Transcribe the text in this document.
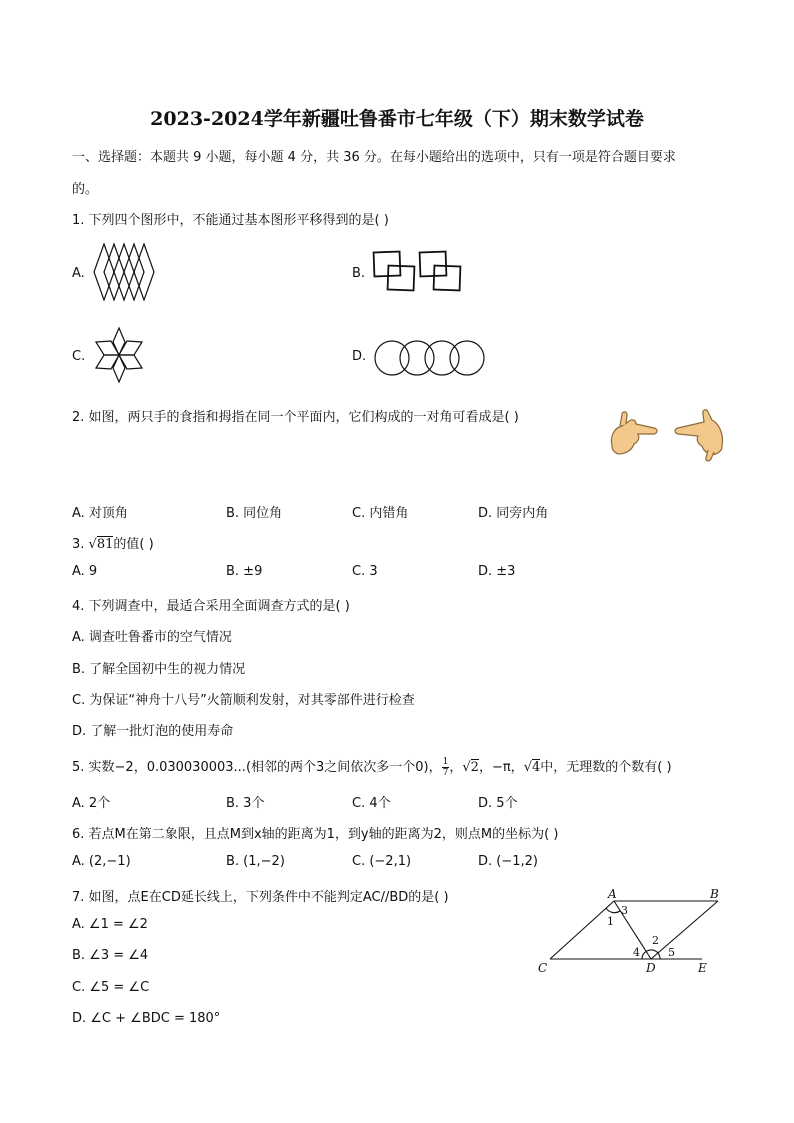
2023-2024学年新疆吐鲁番市七年级（下）期末数学试卷
一、选择题：本题共 9 小题，每小题 4 分，共 36 分。在每小题给出的选项中，只有一项是符合题目要求
的。
1. 下列四个图形中，不能通过基本图形平移得到的是( )
A.	B.
C.	D.
2. 如图，两只手的食指和拇指在同一个平面内，它们构成的一对角可看成是( )
A. 对顶角	B. 同位角	C. 内错角	D. 同旁内角
3. √81的值( )
A. 9	B. ±9	C. 3	D. ±3
4. 下列调查中，最适合采用全面调查方式的是( )
A. 调查吐鲁番市的空气情况
B. 了解全国初中生的视力情况
C. 为保证“神舟十八号”火箭顺利发射，对其零部件进行检查
D. 了解一批灯泡的使用寿命
5. 实数−2，0.030030003...(相邻的两个3之间依次多一个0)， $\frac{1}{7}$ ，√2，−π，√4中，无理数的个数有( )
A. 2个	B. 3个	C. 4个	D. 5个
6. 若点M在第二象限，且点M到x轴的距离为1，到y轴的距离为2，则点M的坐标为( )
A. (2,−1)	B. (1,−2)	C. (−2,1)	D. (−1,2)
7. 如图，点E在CD延长线上，下列条件中不能判定AC//BD的是( )
A. ∠1 = ∠2
B. ∠3 = ∠4
C. ∠5 = ∠C
D. ∠C + ∠BDC = 180°
A	B
C	D	E
1
2
3
4	5
